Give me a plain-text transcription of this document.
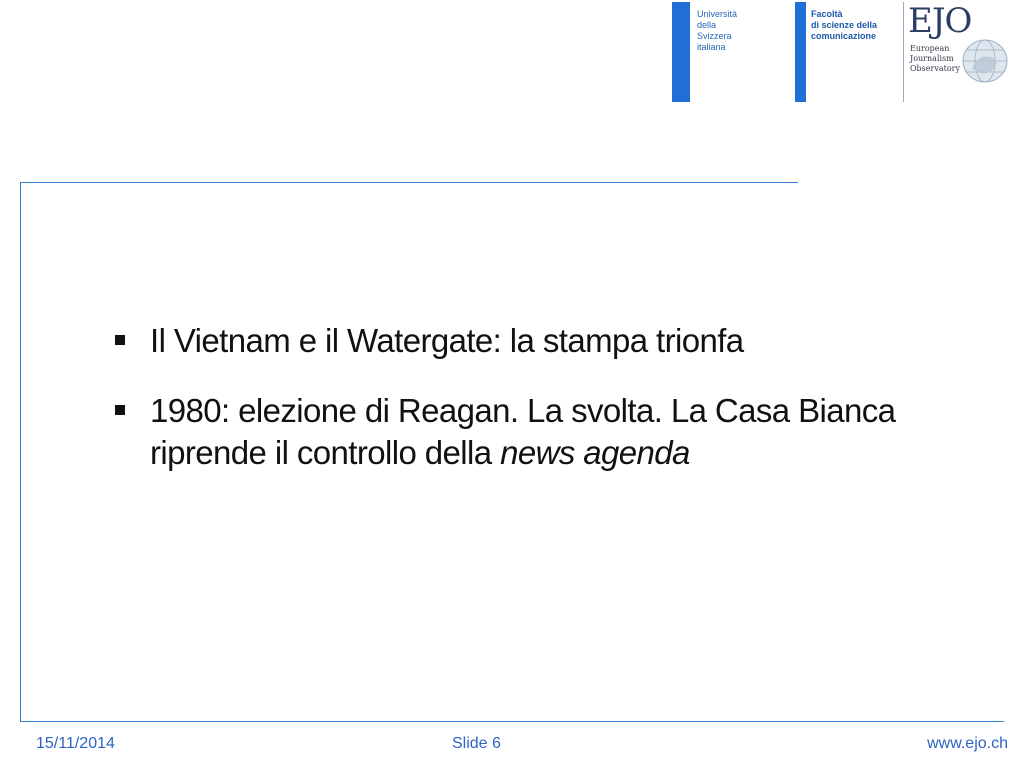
Università
della
Svizzera
italiana
Facoltà
di scienze della
comunicazione EJO
European
Journalism
Observatory
Il Vietnam e il Watergate: la stampa trionfa
1980: elezione di Reagan. La svolta. La Casa Bianca riprende il controllo della news agenda
15/11/2014	Slide 6	www.ejo.ch
